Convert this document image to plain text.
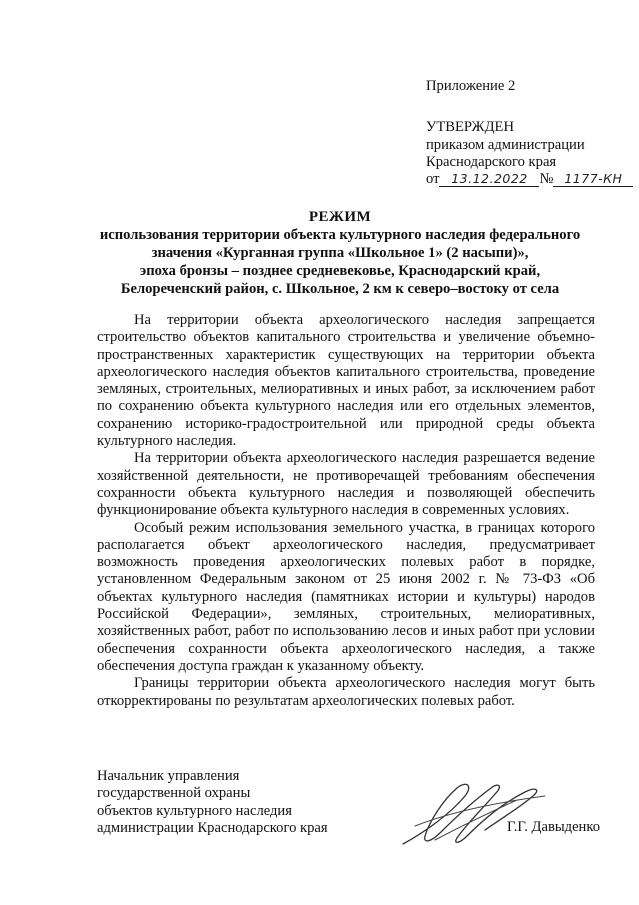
Приложение 2
УТВЕРЖДЕН
приказом администрации
Краснодарского края
от 13.12.2022 № 1177-КН
РЕЖИМ
использования территории объекта культурного наследия федерального
значения «Курганная группа «Школьное 1» (2 насыпи)»,
эпоха бронзы – позднее средневековье, Краснодарский край,
Белореченский район, с. Школьное, 2 км к северо–востоку от села

На территории объекта археологического наследия запрещается строительство объектов капитального строительства и увеличение объемно-пространственных характеристик существующих на территории объекта археологического наследия объектов капитального строительства, проведение земляных, строительных, мелиоративных и иных работ, за исключением работ по сохранению объекта культурного наследия или его отдельных элементов, сохранению историко-градостроительной или природной среды объекта культурного наследия.

На территории объекта археологического наследия разрешается ведение хозяйственной деятельности, не противоречащей требованиям обеспечения сохранности объекта культурного наследия и позволяющей обеспечить функционирование объекта культурного наследия в современных условиях.

Особый режим использования земельного участка, в границах которого располагается объект археологического наследия, предусматривает возможность проведения археологических полевых работ в порядке, установленном Федеральным законом от 25 июня 2002 г. № 73-ФЗ «Об объектах культурного наследия (памятниках истории и культуры) народов Российской Федерации», земляных, строительных, мелиоративных, хозяйственных работ, работ по использованию лесов и иных работ при условии обеспечения сохранности объекта археологического наследия, а также обеспечения доступа граждан к указанному объекту.

Границы территории объекта археологического наследия могут быть откорректированы по результатам археологических полевых работ.

Начальник управления
государственной охраны
объектов культурного наследия
администрации Краснодарского края	Г.Г. Давыденко
